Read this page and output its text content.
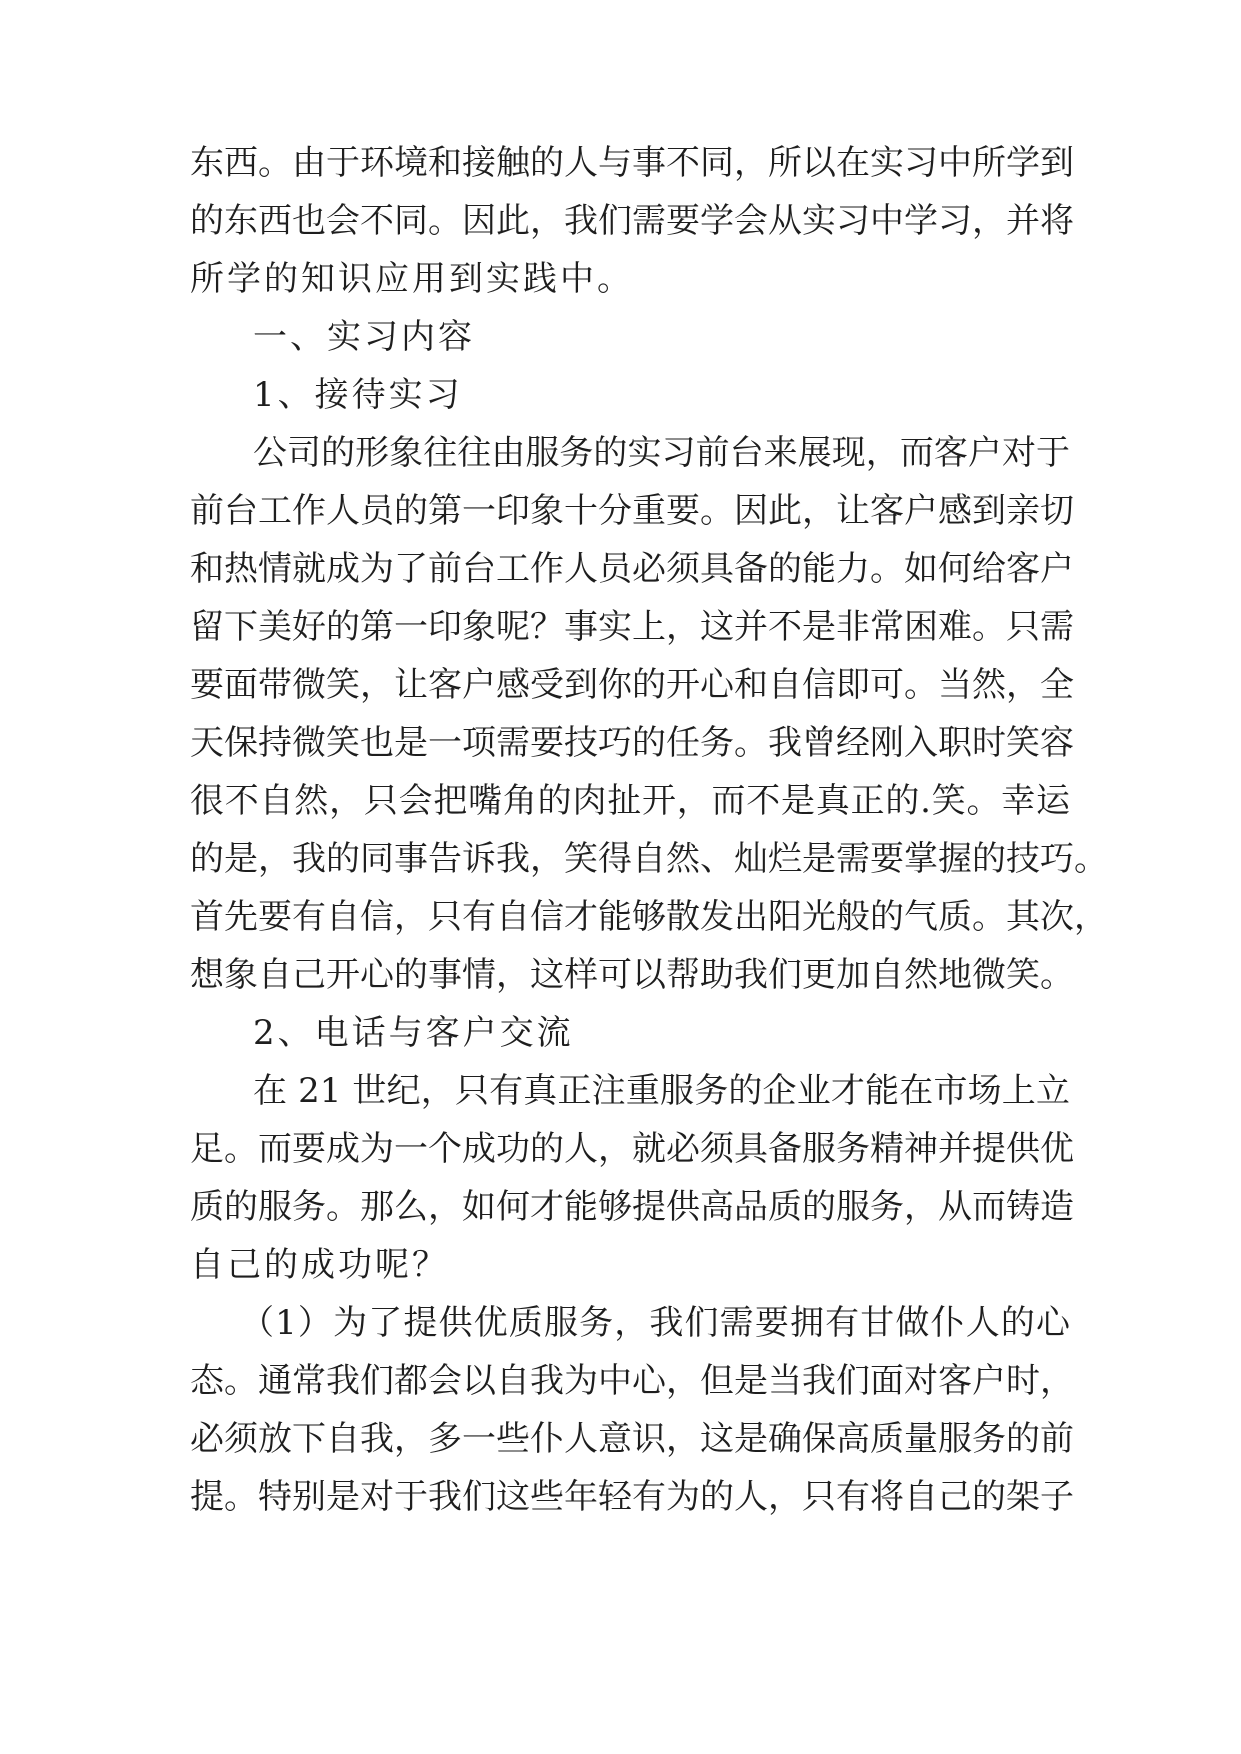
东西。由于环境和接触的人与事不同，所以在实习中所学到
的东西也会不同。因此，我们需要学会从实习中学习，并将
所学的知识应用到实践中。
一、实习内容
1、接待实习
公司的形象往往由服务的实习前台来展现，而客户对于
前台工作人员的第一印象十分重要。因此，让客户感到亲切
和热情就成为了前台工作人员必须具备的能力。如何给客户
留下美好的第一印象呢？事实上，这并不是非常困难。只需
要面带微笑，让客户感受到你的开心和自信即可。当然，全
天保持微笑也是一项需要技巧的任务。我曾经刚入职时笑容
很不自然，只会把嘴角的肉扯开，而不是真正的.笑。幸运
的是，我的同事告诉我，笑得自然、灿烂是需要掌握的技巧。
首先要有自信，只有自信才能够散发出阳光般的气质。其次，
想象自己开心的事情，这样可以帮助我们更加自然地微笑。
2、电话与客户交流
在 21 世纪，只有真正注重服务的企业才能在市场上立
足。而要成为一个成功的人，就必须具备服务精神并提供优
质的服务。那么，如何才能够提供高品质的服务，从而铸造
自己的成功呢？
（1）为了提供优质服务，我们需要拥有甘做仆人的心
态。通常我们都会以自我为中心，但是当我们面对客户时，
必须放下自我，多一些仆人意识，这是确保高质量服务的前
提。特别是对于我们这些年轻有为的人，只有将自己的架子
